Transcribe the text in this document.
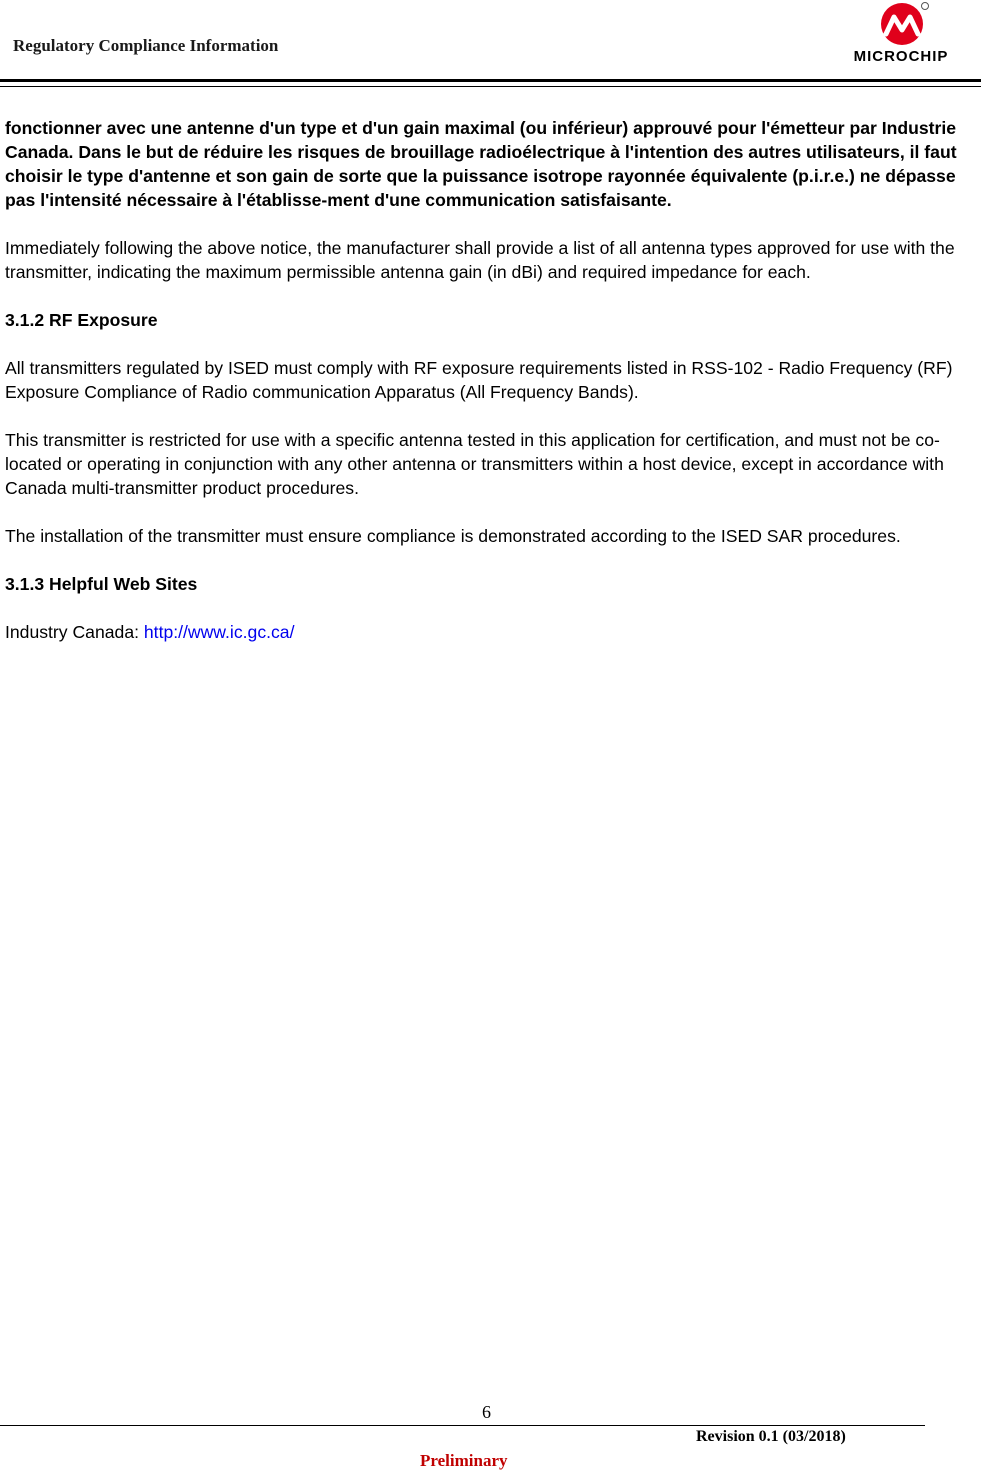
Regulatory Compliance Information
MICROCHIP

fonctionner avec une antenne d'un type et d'un gain maximal (ou inférieur) approuvé pour l'émetteur par Industrie Canada. Dans le but de réduire les risques de brouillage radioélectrique à l'intention des autres utilisateurs, il faut choisir le type d'antenne et son gain de sorte que la puissance isotrope rayonnée équivalente (p.i.r.e.) ne dépasse pas l'intensité nécessaire à l'établisse-ment d'une communication satisfaisante.

Immediately following the above notice, the manufacturer shall provide a list of all antenna types approved for use with the transmitter, indicating the maximum permissible antenna gain (in dBi) and required impedance for each.

3.1.2 RF Exposure

All transmitters regulated by ISED must comply with RF exposure requirements listed in RSS-102 - Radio Frequency (RF) Exposure Compliance of Radio communication Apparatus (All Frequency Bands).

This transmitter is restricted for use with a specific antenna tested in this application for certification, and must not be co-located or operating in conjunction with any other antenna or transmitters within a host device, except in accordance with Canada multi-transmitter product procedures.

The installation of the transmitter must ensure compliance is demonstrated according to the ISED SAR procedures.

3.1.3 Helpful Web Sites

Industry Canada: http://www.ic.gc.ca/

6
Revision 0.1 (03/2018)
Preliminary
